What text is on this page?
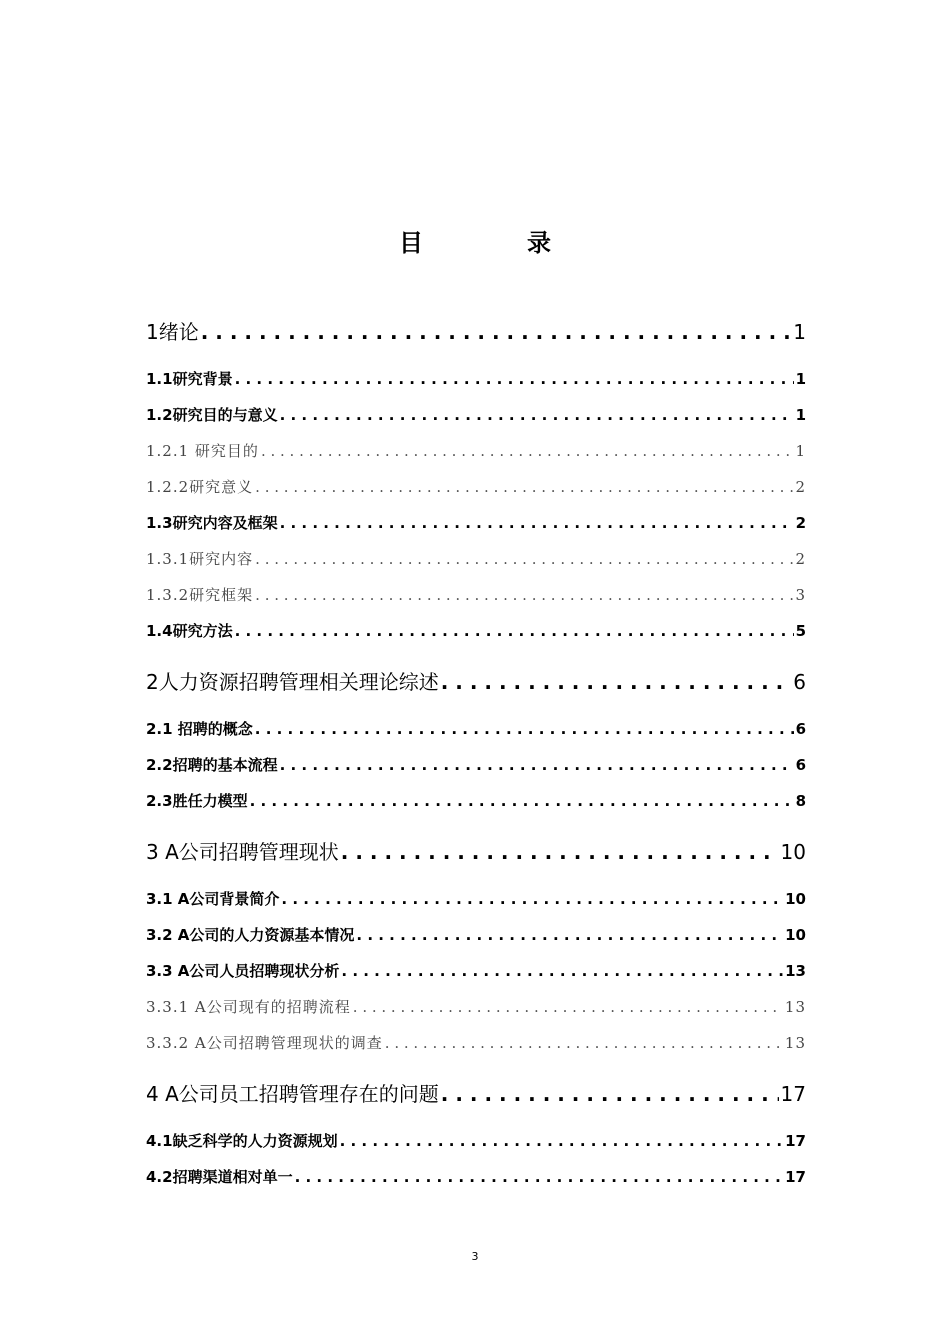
目　录
1绪论 . . .	1
1.1研究背景 . . .	1
1.2研究目的与意义 . . .	1
1.2.1 研究目的 . . .	1
1.2.2研究意义 . . .	2
1.3研究内容及框架 . . .	2
1.3.1研究内容 . . .	2
1.3.2研究框架 . . .	3
1.4研究方法 . . .	5
2人力资源招聘管理相关理论综述 . . .	6
2.1 招聘的概念 . . .	6
2.2招聘的基本流程 . . .	6
2.3胜任力模型 . . .	8
3 A公司招聘管理现状 . . .	10
3.1 A公司背景简介 . . .	10
3.2 A公司的人力资源基本情况 . . .	10
3.3 A公司人员招聘现状分析 . . .	13
3.3.1 A公司现有的招聘流程 . . .	13
3.3.2 A公司招聘管理现状的调查 . . .	13
4 A公司员工招聘管理存在的问题 . . .	17
4.1缺乏科学的人力资源规划 . . .	17
4.2招聘渠道相对单一 . . .	17
3
